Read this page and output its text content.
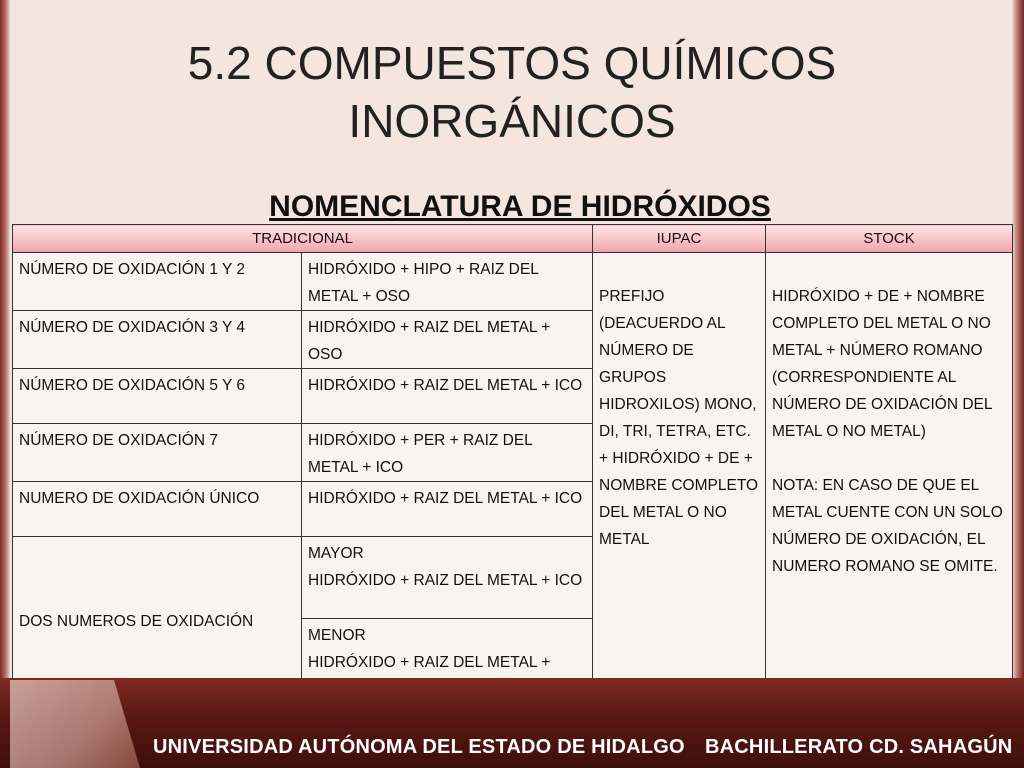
5.2 COMPUESTOS QUÍMICOS
INORGÁNICOS
NOMENCLATURA DE HIDRÓXIDOS
TRADICIONAL		IUPAC	STOCK
NÚMERO DE OXIDACIÓN 1 Y 2	HIDRÓXIDO + HIPO + RAIZ DEL METAL + OSO	PREFIJO (DEACUERDO AL NÚMERO DE GRUPOS HIDROXILOS) MONO, DI, TRI, TETRA, ETC. + HIDRÓXIDO + DE + NOMBRE COMPLETO DEL METAL O NO METAL	HIDRÓXIDO + DE + NOMBRE COMPLETO DEL METAL O NO METAL + NÚMERO ROMANO (CORRESPONDIENTE AL NÚMERO DE OXIDACIÓN DEL METAL O NO METAL)
NOTA: EN CASO DE QUE EL METAL CUENTE CON UN SOLO NÚMERO DE OXIDACIÓN, EL NUMERO ROMANO SE OMITE.

NÚMERO DE OXIDACIÓN 3 Y 4	HIDRÓXIDO + RAIZ DEL METAL + OSO		
NÚMERO DE OXIDACIÓN 5 Y 6	HIDRÓXIDO + RAIZ DEL METAL + ICO		
NÚMERO DE OXIDACIÓN 7	HIDRÓXIDO + PER + RAIZ DEL METAL + ICO		
NUMERO DE OXIDACIÓN ÚNICO	HIDRÓXIDO + RAIZ DEL METAL + ICO		
DOS NUMEROS DE OXIDACIÓN	MAYOR
HIDRÓXIDO + RAIZ DEL METAL + ICO		

	MENOR
HIDRÓXIDO + RAIZ DEL METAL +		

UNIVERSIDAD AUTÓNOMA DEL ESTADO DE HIDALGO BACHILLERATO CD. SAHAGÚN
